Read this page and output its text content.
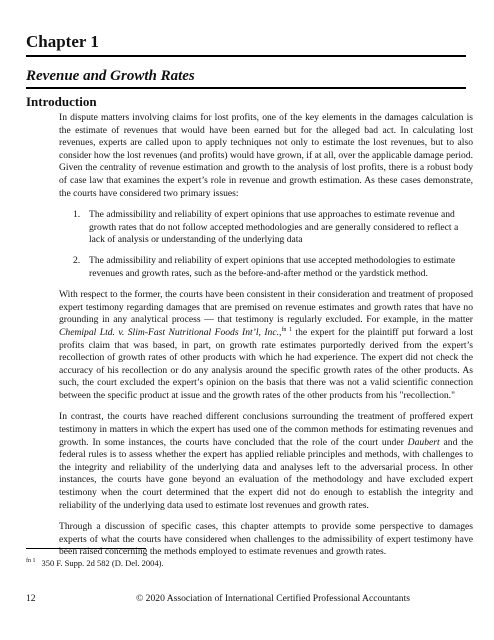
Chapter 1
Revenue and Growth Rates
Introduction

In dispute matters involving claims for lost profits, one of the key elements in the damages calculation is the estimate of revenues that would have been earned but for the alleged bad act. In calculating lost revenues, experts are called upon to apply techniques not only to estimate the lost revenues, but to also consider how the lost revenues (and profits) would have grown, if at all, over the applicable damage period. Given the centrality of revenue estimation and growth to the analysis of lost profits, there is a robust body of case law that examines the expert’s role in revenue and growth estimation. As these cases demonstrate, the courts have considered two primary issues:

1. The admissibility and reliability of expert opinions that use approaches to estimate revenue and growth rates that do not follow accepted methodologies and are generally considered to reflect a lack of analysis or understanding of the underlying data
2. The admissibility and reliability of expert opinions that use accepted methodologies to estimate revenues and growth rates, such as the before-and-after method or the yardstick method.

With respect to the former, the courts have been consistent in their consideration and treatment of proposed expert testimony regarding damages that are premised on revenue estimates and growth rates that have no grounding in any analytical process — that testimony is regularly excluded. For example, in the matter Chemipal Ltd. v. Slim-Fast Nutritional Foods Int’l, Inc.,$^{fn 1}$ the expert for the plaintiff put forward a lost profits claim that was based, in part, on growth rate estimates purportedly derived from the expert’s recollection of growth rates of other products with which he had experience. The expert did not check the accuracy of his recollection or do any analysis around the specific growth rates of the other products. As such, the court excluded the expert’s opinion on the basis that there was not a valid scientific connection between the specific product at issue and the growth rates of the other products from his "recollection."

In contrast, the courts have reached different conclusions surrounding the treatment of proffered expert testimony in matters in which the expert has used one of the common methods for estimating revenues and growth. In some instances, the courts have concluded that the role of the court under Daubert and the federal rules is to assess whether the expert has applied reliable principles and methods, with challenges to the integrity and reliability of the underlying data and analyses left to the adversarial process. In other instances, the courts have gone beyond an evaluation of the methodology and have excluded expert testimony when the court determined that the expert did not do enough to establish the integrity and reliability of the underlying data used to estimate lost revenues and growth rates.

Through a discussion of specific cases, this chapter attempts to provide some perspective to damages experts of what the courts have considered when challenges to the admissibility of expert testimony have been raised concerning the methods employed to estimate revenues and growth rates.

$^{fn 1}$ 350 F. Supp. 2d 582 (D. Del. 2004).
12	© 2020 Association of International Certified Professional Accountants
